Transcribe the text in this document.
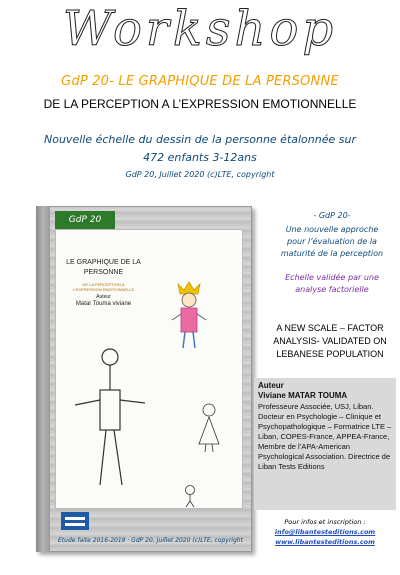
Workshop
GdP 20- LE GRAPHIQUE DE LA PERSONNE
DE LA PERCEPTION A L’EXPRESSION EMOTIONNELLE
Nouvelle échelle du dessin de la personne étalonnée sur
472 enfants 3-12ans
GdP 20, Juillet 2020 (c)LTE, copyright
GdP 20
LE GRAPHIQUE DE LA
PERSONNE
DE LA PERCEPTION A
L’EXPRESSION EMOTIONNELLE
Auteur
Matar Touma viviane
Etude faite 2016-2019 · GdP 20, Juillet 2020 (c)LTE, copyright
- GdP 20-
Une nouvelle approche
pour l’évaluation de la
maturité de la perception
Echelle validée par une
analyse factorielle
A NEW SCALE – FACTOR
ANALYSIS- VALIDATED ON
LEBANESE POPULATION
Auteur
Viviane MATAR TOUMA
Professeure Associée, USJ, Liban. Docteur en Psychologie – Clinique et Psychopathologique – Formatrice LTE – Liban, COPES-France, APPEA-France, Membre de l’APA-American Psychological Association. Directrice de Liban Tests Editions
Pour infos et inscription :
info@libantesteditions.com
www.libantesteditions.com
